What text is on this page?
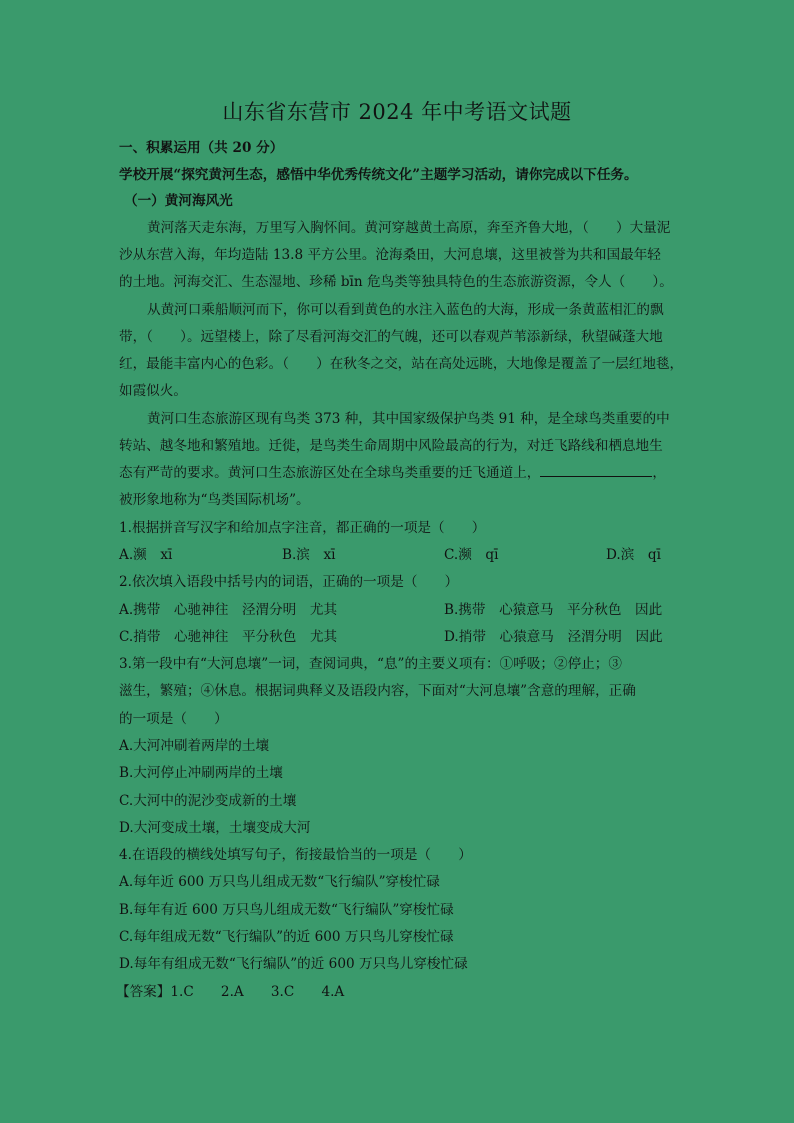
山东省东营市 2024 年中考语文试题
一、积累运用（共 20 分）
学校开展“探究黄河生态，感悟中华优秀传统文化”主题学习活动，请你完成以下任务。
（一）黄河海风光
黄河落天走东海，万里写入胸怀间。黄河穿越黄土高原，奔至齐鲁大地，（　　）大量泥
沙从东营入海，年均造陆 13.8 平方公里。沧海桑田，大河息壤，这里被誉为共和国最年轻
的土地。河海交汇、生态湿地、珍稀 bīn 危鸟类等独具特色的生态旅游资源，令人（　　）。
从黄河口乘船顺河而下，你可以看到黄色的水注入蓝色的大海，形成一条黄蓝相汇的飘
带，（　　）。远望楼上，除了尽看河海交汇的气魄，还可以春观芦苇添新绿，秋望碱蓬大地
红，最能丰富内心的色彩。（　　）在秋冬之交，站在高处远眺，大地像是覆盖了一层红地毯，
如霞似火。
黄河口生态旅游区现有鸟类 373 种，其中国家级保护鸟类 91 种，是全球鸟类重要的中
转站、越冬地和繁殖地。迁徙，是鸟类生命周期中风险最高的行为，对迁飞路线和栖息地生
态有严苛的要求。黄河口生态旅游区处在全球鸟类重要的迁飞通道上，	，
被形象地称为“鸟类国际机场”。
1.根据拼音写汉字和给加点字注音，都正确的一项是（　　）
A.濒　xī	B.滨　xī	C.濒　qī	D.滨　qī
2.依次填入语段中括号内的词语，正确的一项是（　　）
A.携带　心驰神往　泾渭分明　尤其	B.携带　心猿意马　平分秋色　因此
C.捎带　心驰神往　平分秋色　尤其	D.捎带　心猿意马　泾渭分明　因此
3.第一段中有“大河息壤”一词，查阅词典，“息”的主要义项有：①呼吸；②停止；③
滋生，繁殖；④休息。根据词典释义及语段内容，下面对“大河息壤”含意的理解，正确
的一项是（　　）
A.大河冲刷着两岸的土壤
B.大河停止冲刷两岸的土壤
C.大河中的泥沙变成新的土壤
D.大河变成土壤，土壤变成大河
4.在语段的横线处填写句子，衔接最恰当的一项是（　　）
A.每年近 600 万只鸟儿组成无数“飞行编队”穿梭忙碌
B.每年有近 600 万只鸟儿组成无数“飞行编队”穿梭忙碌
C.每年组成无数“飞行编队”的近 600 万只鸟儿穿梭忙碌
D.每年有组成无数“飞行编队”的近 600 万只鸟儿穿梭忙碌
【答案】1.C　　2.A　　3.C　　4.A
